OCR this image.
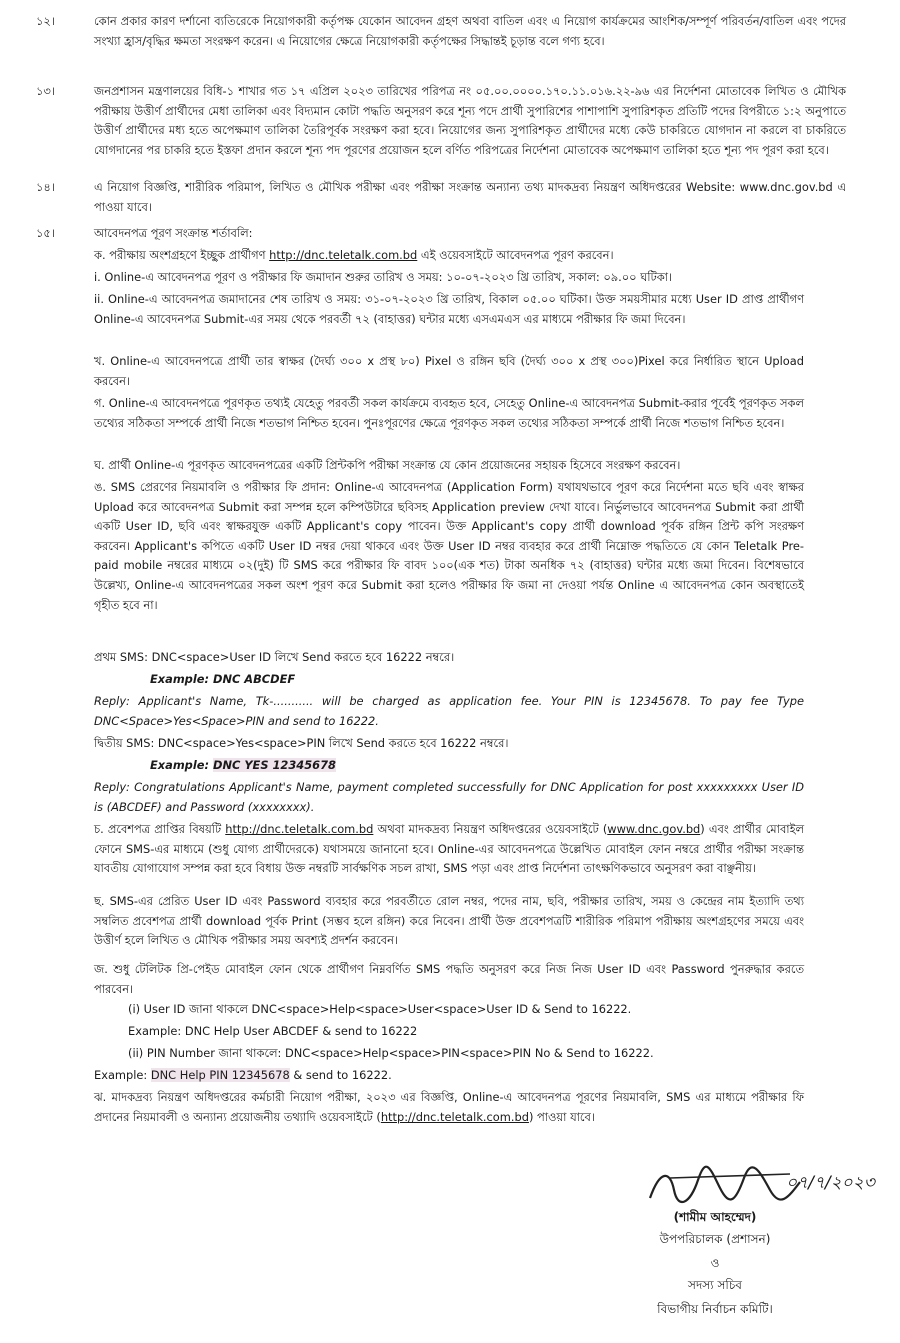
১২।	কোন প্রকার কারণ দর্শানো ব্যতিরেকে নিয়োগকারী কর্তৃপক্ষ যেকোন আবেদন গ্রহণ অথবা বাতিল এবং এ নিয়োগ কার্যক্রমের আংশিক/সম্পূর্ণ পরিবর্তন/বাতিল এবং পদের সংখ্যা হ্রাস/বৃদ্ধির ক্ষমতা সংরক্ষণ করেন। এ নিয়োগের ক্ষেত্রে নিয়োগকারী কর্তৃপক্ষের সিদ্ধান্তই চূড়ান্ত বলে গণ্য হবে।
১৩।	জনপ্রশাসন মন্ত্রণালয়ের বিধি-১ শাখার গত ১৭ এপ্রিল ২০২৩ তারিখের পরিপত্র নং ০৫.০০.০০০০.১৭০.১১.০১৬.২২-৯৬ এর নির্দেশনা মোতাবেক লিখিত ও মৌখিক পরীক্ষায় উত্তীর্ণ প্রার্থীদের মেধা তালিকা এবং বিদ্যমান কোটা পদ্ধতি অনুসরণ করে শূন্য পদে প্রার্থী সুপারিশের পাশাপাশি সুপারিশকৃত প্রতিটি পদের বিপরীতে ১:২ অনুপাতে উত্তীর্ণ প্রার্থীদের মধ্য হতে অপেক্ষমাণ তালিকা তৈরিপূর্বক সংরক্ষণ করা হবে। নিয়োগের জন্য সুপারিশকৃত প্রার্থীদের মধ্যে কেউ চাকরিতে যোগদান না করলে বা চাকরিতে যোগদানের পর চাকরি হতে ইস্তফা প্রদান করলে শূন্য পদ পূরণের প্রয়োজন হলে বর্ণিত পরিপত্রের নির্দেশনা মোতাবেক অপেক্ষমাণ তালিকা হতে শূন্য পদ পূরণ করা হবে।
১৪।	এ নিয়োগ বিজ্ঞপ্তি, শারীরিক পরিমাপ, লিখিত ও মৌখিক পরীক্ষা এবং পরীক্ষা সংক্রান্ত অন্যান্য তথ্য মাদকদ্রব্য নিয়ন্ত্রণ অধিদপ্তরের Website: www.dnc.gov.bd এ পাওয়া যাবে।
১৫।	আবেদনপত্র পূরণ সংক্রান্ত শর্তাবলি:
ক. পরীক্ষায় অংশগ্রহণে ইচ্ছুক প্রার্থীগণ http://dnc.teletalk.com.bd এই ওয়েবসাইটে আবেদনপত্র পূরণ করবেন।
i. Online-এ আবেদনপত্র পূরণ ও পরীক্ষার ফি জমাদান শুরুর তারিখ ও সময়: ১০-০৭-২০২৩ খ্রি তারিখ, সকাল: ০৯.০০ ঘটিকা।
ii. Online-এ আবেদনপত্র জমাদানের শেষ তারিখ ও সময়: ৩১-০৭-২০২৩ খ্রি তারিখ, বিকাল ০৫.০০ ঘটিকা। উক্ত সময়সীমার মধ্যে User ID প্রাপ্ত প্রার্থীগণ Online-এ আবেদনপত্র Submit-এর সময় থেকে পরবর্তী ৭২ (বাহাত্তর) ঘন্টার মধ্যে এসএমএস এর মাধ্যমে পরীক্ষার ফি জমা দিবেন।
খ. Online-এ আবেদনপত্রে প্রার্থী তার স্বাক্ষর (দৈর্ঘ্য ৩০০ x প্রস্থ ৮০) Pixel ও রঙ্গিন ছবি (দৈর্ঘ্য ৩০০ x প্রস্থ ৩০০)Pixel করে নির্ধারিত স্থানে Upload করবেন।
গ. Online-এ আবেদনপত্রে পূরণকৃত তথ্যই যেহেতু পরবর্তী সকল কার্যক্রমে ব্যবহৃত হবে, সেহেতু Online-এ আবেদনপত্র Submit-করার পূর্বেই পূরণকৃত সকল তথ্যের সঠিকতা সম্পর্কে প্রার্থী নিজে শতভাগ নিশ্চিত হবেন। পুনঃপূরণের ক্ষেত্রে পূরণকৃত সকল তথ্যের সঠিকতা সম্পর্কে প্রার্থী নিজে শতভাগ নিশ্চিত হবেন।
ঘ. প্রার্থী Online-এ পূরণকৃত আবেদনপত্রের একটি প্রিন্টকপি পরীক্ষা সংক্রান্ত যে কোন প্রয়োজনের সহায়ক হিসেবে সংরক্ষণ করবেন।
ঙ. SMS প্রেরণের নিয়মাবলি ও পরীক্ষার ফি প্রদান: Online-এ আবেদনপত্র (Application Form) যথাযথভাবে পূরণ করে নির্দেশনা মতে ছবি এবং স্বাক্ষর Upload করে আবেদনপত্র Submit করা সম্পন্ন হলে কম্পিউটারে ছবিসহ Application preview দেখা যাবে। নির্ভুলভাবে আবেদনপত্র Submit করা প্রার্থী একটি User ID, ছবি এবং স্বাক্ষরযুক্ত একটি Applicant's copy পাবেন। উক্ত Applicant's copy প্রার্থী download পূর্বক রঙ্গিন প্রিন্ট কপি সংরক্ষণ করবেন। Applicant's কপিতে একটি User ID নম্বর দেয়া থাকবে এবং উক্ত User ID নম্বর ব্যবহার করে প্রার্থী নিম্নোক্ত পদ্ধতিতে যে কোন Teletalk Pre-paid mobile নম্বরের মাধ্যমে ০২(দুই) টি SMS করে পরীক্ষার ফি বাবদ ১০০(এক শত) টাকা অনধিক ৭২ (বাহাত্তর) ঘন্টার মধ্যে জমা দিবেন। বিশেষভাবে উল্লেখ্য, Online-এ আবেদনপত্রের সকল অংশ পূরণ করে Submit করা হলেও পরীক্ষার ফি জমা না দেওয়া পর্যন্ত Online এ আবেদনপত্র কোন অবস্থাতেই গৃহীত হবে না।
প্রথম SMS: DNC<space>User ID লিখে Send করতে হবে 16222 নম্বরে।
Example: DNC ABCDEF
Reply: Applicant's Name, Tk-........... will be charged as application fee. Your PIN is 12345678. To pay fee Type DNC<Space>Yes<Space>PIN and send to 16222.
দ্বিতীয় SMS: DNC<space>Yes<space>PIN লিখে Send করতে হবে 16222 নম্বরে।
Example: DNC YES 12345678
Reply: Congratulations Applicant's Name, payment completed successfully for DNC Application for post xxxxxxxxx User ID is (ABCDEF) and Password (xxxxxxxx).
চ. প্রবেশপত্র প্রাপ্তির বিষয়টি http://dnc.teletalk.com.bd অথবা মাদকদ্রব্য নিয়ন্ত্রণ অধিদপ্তরের ওয়েবসাইটে (www.dnc.gov.bd) এবং প্রার্থীর মোবাইল ফোনে SMS-এর মাধ্যমে (শুধু যোগ্য প্রার্থীদেরকে) যথাসময়ে জানানো হবে। Online-এর আবেদনপত্রে উল্লেখিত মোবাইল ফোন নম্বরে প্রার্থীর পরীক্ষা সংক্রান্ত যাবতীয় যোগাযোগ সম্পন্ন করা হবে বিধায় উক্ত নম্বরটি সার্বক্ষণিক সচল রাখা, SMS পড়া এবং প্রাপ্ত নির্দেশনা তাৎক্ষণিকভাবে অনুসরণ করা বাঞ্ছনীয়।
ছ. SMS-এর প্রেরিত User ID এবং Password ব্যবহার করে পরবর্তীতে রোল নম্বর, পদের নাম, ছবি, পরীক্ষার তারিখ, সময় ও কেন্দ্রের নাম ইত্যাদি তথ্য সম্বলিত প্রবেশপত্র প্রার্থী download পূর্বক Print (সম্ভব হলে রঙ্গিন) করে নিবেন। প্রার্থী উক্ত প্রবেশপত্রটি শারীরিক পরিমাপ পরীক্ষায় অংশগ্রহণের সময়ে এবং উত্তীর্ণ হলে লিখিত ও মৌখিক পরীক্ষার সময় অবশ্যই প্রদর্শন করবেন।
জ. শুধু টেলিটক প্রি-পেইড মোবাইল ফোন থেকে প্রার্থীগণ নিম্নবর্ণিত SMS পদ্ধতি অনুসরণ করে নিজ নিজ User ID এবং Password পুনরুদ্ধার করতে পারবেন।
(i) User ID জানা থাকলে DNC<space>Help<space>User<space>User ID & Send to 16222.
Example: DNC Help User ABCDEF & send to 16222
(ii) PIN Number জানা থাকলে: DNC<space>Help<space>PIN<space>PIN No & Send to 16222.
Example: DNC Help PIN 12345678 & send to 16222.
ঝ. মাদকদ্রব্য নিয়ন্ত্রণ অধিদপ্তরের কর্মচারী নিয়োগ পরীক্ষা, ২০২৩ এর বিজ্ঞপ্তি, Online-এ আবেদনপত্র পূরণের নিয়মাবলি, SMS এর মাধ্যমে পরীক্ষার ফি প্রদানের নিয়মাবলী ও অন্যান্য প্রয়োজনীয় তথ্যাদি ওয়েবসাইটে (http://dnc.teletalk.com.bd) পাওয়া যাবে।
০৭/৭/২০২৩
(শামীম আহম্মেদ)
উপপরিচালক (প্রশাসন)
ও
সদস্য সচিব
বিভাগীয় নির্বাচন কমিটি।
